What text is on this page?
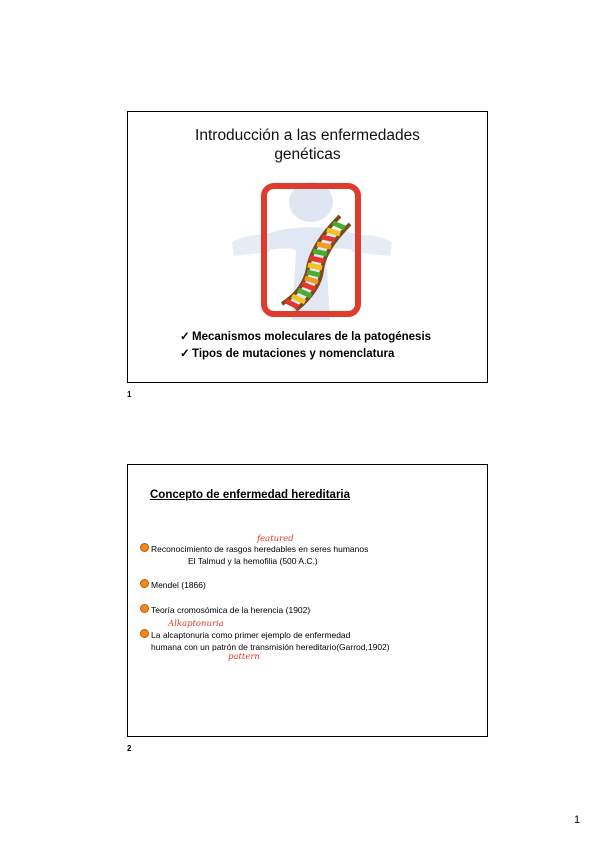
Introducción a las enfermedades
genéticas
✓ Mecanismos moleculares de la patogénesis
✓ Tipos de mutaciones y nomenclatura
1
Concepto de enfermedad hereditaria
featured
Reconocimiento de rasgos heredables en seres humanos
El Talmud y la hemofilia (500 A.C.)
Mendel (1866)
Teoría cromosómica de la herencia (1902)
Alkaptonuria
La alcaptonuria como primer ejemplo de enfermedad
humana con un patrón de transmisión hereditario(Garrod,1902)
pattern
2
1
